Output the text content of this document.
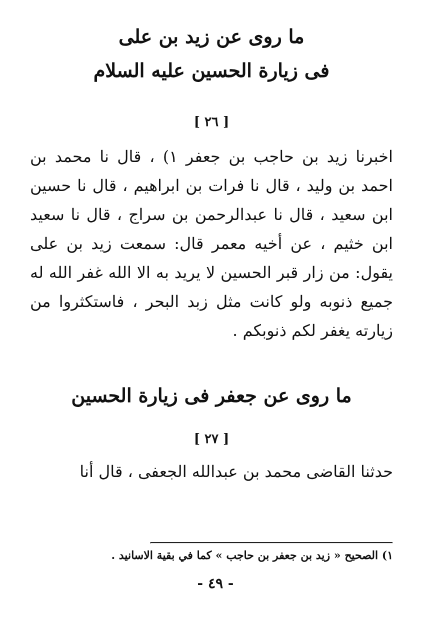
ما روى عن زيد بن على

فى زيارة الحسين عليه السلام

[ ٢٦ ]

اخبرنا زيد بن حاجب بن جعفر ١) ، قال نا محمد بن احمد بن وليد ، قال نا فرات بن ابراهيم ، قال نا حسين ابن سعيد ، قال نا عبدالرحمن بن سراج ، قال نا سعيد ابن خثيم ، عن أخيه معمر قال: سمعت زيد بن على يقول: من زار قبر الحسين لا يريد به الا الله غفر الله له جميع ذنوبه ولو كانت مثل زبد البحر ، فاستكثروا من زيارته يغفر لكم ذنوبكم .

ما روى عن جعفر فى زيارة الحسين

[ ٢٧ ]

حدثنا القاضى محمد بن عبدالله الجعفى ، قال أنا

١) الصحيح « زيد بن جعفر بن حاجب » كما في بقية الاسانيد .

- ٤٩ -
